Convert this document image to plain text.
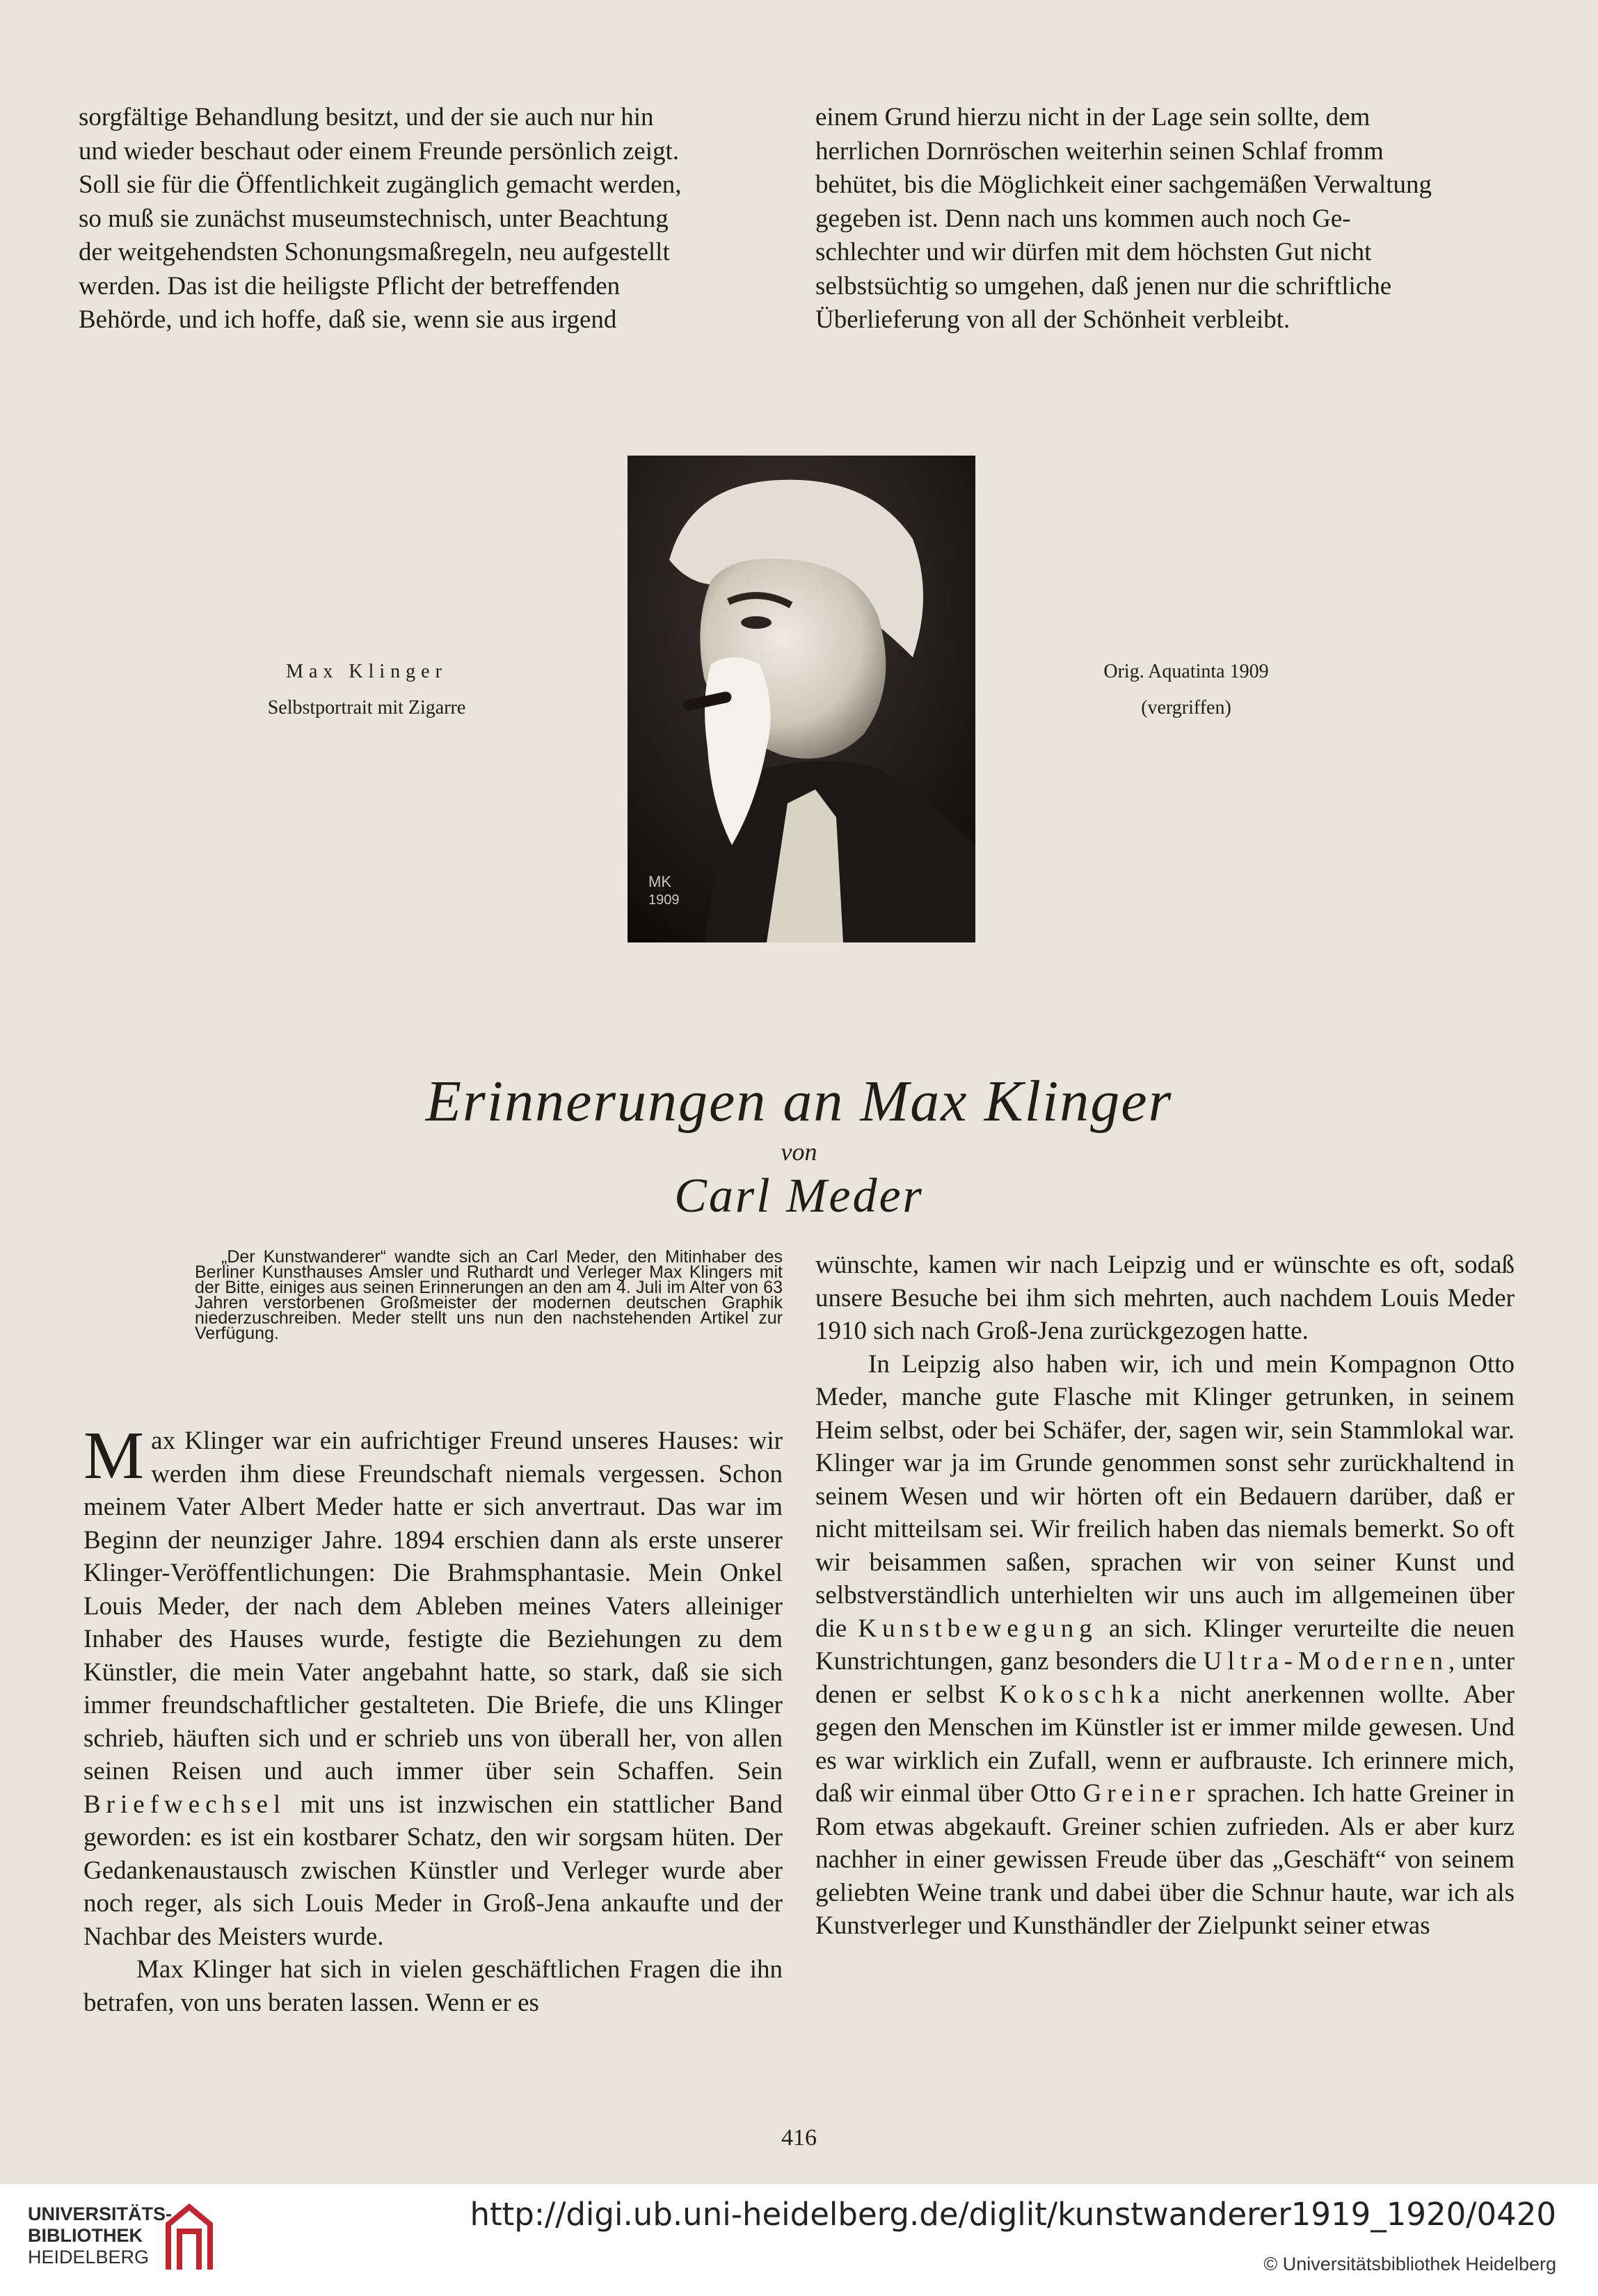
sorgfältige Behandlung besitzt, und der sie auch nur hin
und wieder beschaut oder einem Freunde persönlich zeigt.
Soll sie für die Öffentlichkeit zugänglich gemacht werden,
so muß sie zunächst museumstechnisch, unter Beachtung
der weitgehendsten Schonungsmaßregeln, neu aufgestellt
werden. Das ist die heiligste Pflicht der betreffenden
Behörde, und ich hoffe, daß sie, wenn sie aus irgend
einem Grund hierzu nicht in der Lage sein sollte, dem
herrlichen Dornröschen weiterhin seinen Schlaf fromm
behütet, bis die Möglichkeit einer sachgemäßen Verwaltung
gegeben ist. Denn nach uns kommen auch noch Ge-
schlechter und wir dürfen mit dem höchsten Gut nicht
selbstsüchtig so umgehen, daß jenen nur die schriftliche
Überlieferung von all der Schönheit verbleibt.
Max Klinger
Selbstportrait mit Zigarre
Orig. Aquatinta 1909
(vergriffen)
MK
1909
Erinnerungen an Max Klinger
von
Carl Meder
„Der Kunstwanderer“ wandte sich an Carl Meder, den Mitinhaber des Berliner Kunsthauses Amsler und Ruthardt und Verleger Max Klingers mit der Bitte, einiges aus seinen Erinnerungen an den am 4. Juli im Alter von 63 Jahren verstorbenen Großmeister der modernen deutschen Graphik niederzuschreiben. Meder stellt uns nun den nachstehenden Artikel zur Verfügung.

Max Klinger war ein aufrichtiger Freund unseres Hauses: wir werden ihm diese Freundschaft niemals vergessen. Schon meinem Vater Albert Meder hatte er sich anvertraut. Das war im Beginn der neunziger Jahre. 1894 erschien dann als erste unserer Klinger-Veröffentlichungen: Die Brahmsphantasie. Mein Onkel Louis Meder, der nach dem Ableben meines Vaters alleiniger Inhaber des Hauses wurde, festigte die Beziehungen zu dem Künstler, die mein Vater angebahnt hatte, so stark, daß sie sich immer freundschaftlicher gestalteten. Die Briefe, die uns Klinger schrieb, häuften sich und er schrieb uns von überall her, von allen seinen Reisen und auch immer über sein Schaffen. Sein Briefwechsel mit uns ist inzwischen ein stattlicher Band geworden: es ist ein kostbarer Schatz, den wir sorgsam hüten. Der Gedankenaustausch zwischen Künstler und Verleger wurde aber noch reger, als sich Louis Meder in Groß-Jena ankaufte und der Nachbar des Meisters wurde.

Max Klinger hat sich in vielen geschäftlichen Fragen die ihn betrafen, von uns beraten lassen. Wenn er es

wünschte, kamen wir nach Leipzig und er wünschte es oft, sodaß unsere Besuche bei ihm sich mehrten, auch nachdem Louis Meder 1910 sich nach Groß-Jena zurückgezogen hatte.

In Leipzig also haben wir, ich und mein Kompagnon Otto Meder, manche gute Flasche mit Klinger getrunken, in seinem Heim selbst, oder bei Schäfer, der, sagen wir, sein Stammlokal war. Klinger war ja im Grunde genommen sonst sehr zurückhaltend in seinem Wesen und wir hörten oft ein Bedauern darüber, daß er nicht mitteilsam sei. Wir freilich haben das niemals bemerkt. So oft wir beisammen saßen, sprachen wir von seiner Kunst und selbstverständlich unterhielten wir uns auch im allgemeinen über die Kunstbewegung an sich. Klinger verurteilte die neuen Kunstrichtungen, ganz besonders die Ultra-Modernen, unter denen er selbst Kokoschka nicht anerkennen wollte. Aber gegen den Menschen im Künstler ist er immer milde gewesen. Und es war wirklich ein Zufall, wenn er aufbrauste. Ich erinnere mich, daß wir einmal über Otto Greiner sprachen. Ich hatte Greiner in Rom etwas abgekauft. Greiner schien zufrieden. Als er aber kurz nachher in einer gewissen Freude über das „Geschäft“ von seinem geliebten Weine trank und dabei über die Schnur haute, war ich als Kunstverleger und Kunsthändler der Zielpunkt seiner etwas

416
UNIVERSITÄTS-
BIBLIOTHEK
HEIDELBERG
http://digi.ub.uni-heidelberg.de/diglit/kunstwanderer1919_1920/0420
© Universitätsbibliothek Heidelberg
